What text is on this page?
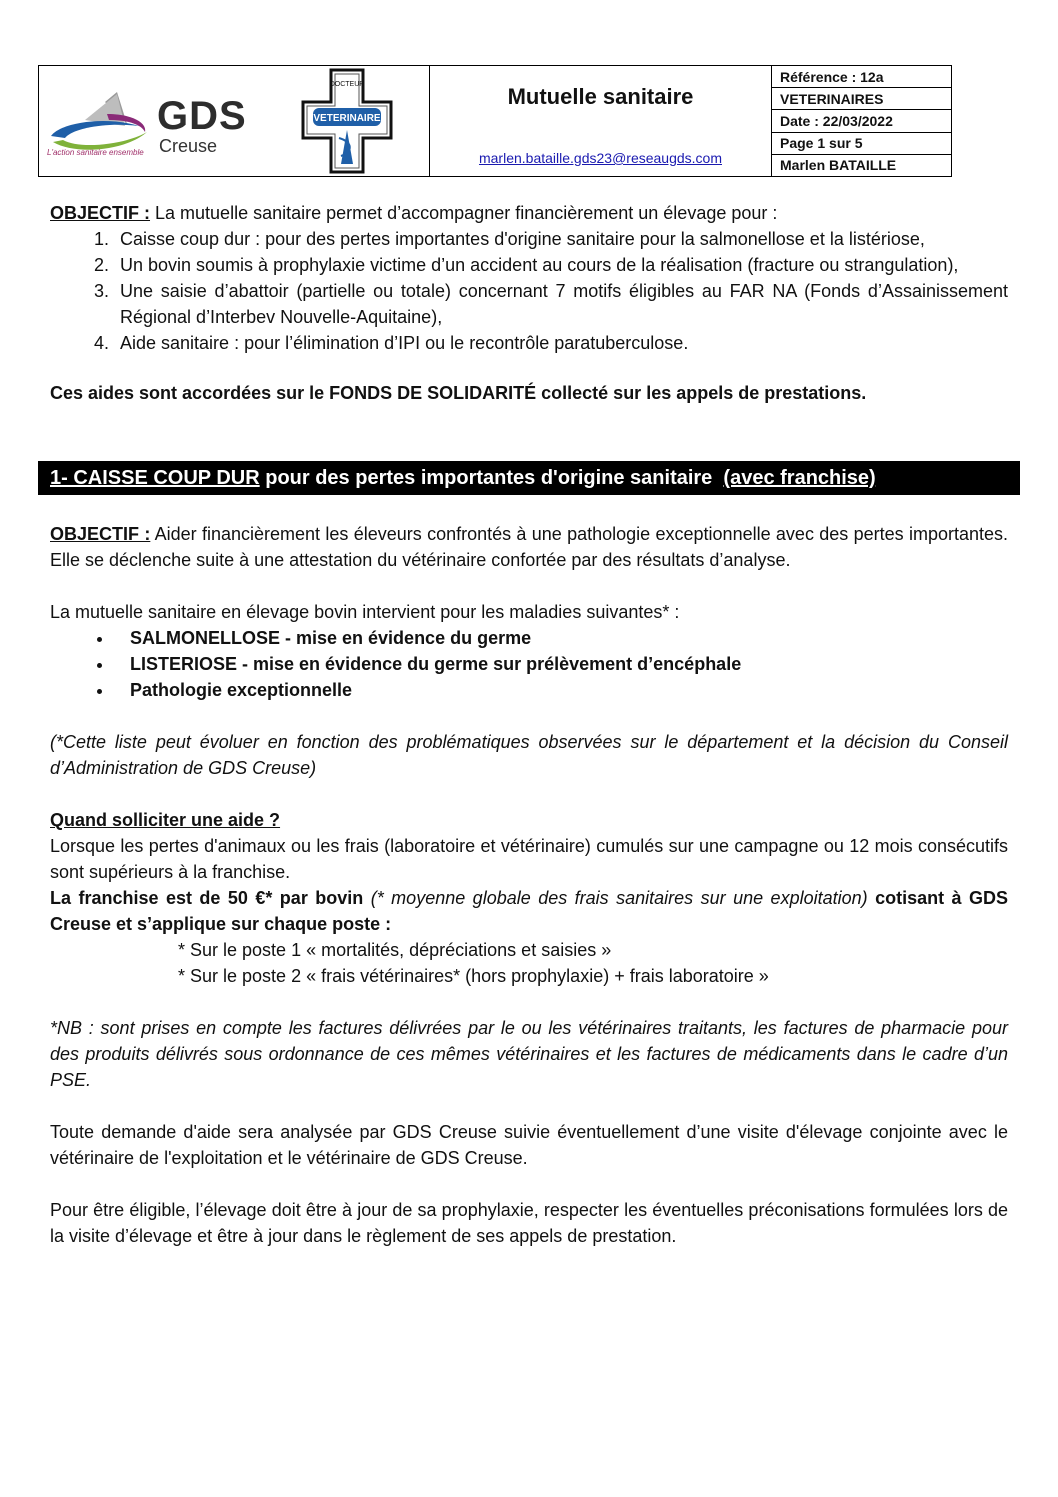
GDS
Creuse
L'action sanitaire ensemble
VETERINAIRE
DOCTEUR	Mutuelle sanitaire
marlen.bataille.gds23@reseaugds.com
Référence : 12a
VETERINAIRES
Date : 22/03/2022
Page 1 sur 5
Marlen BATAILLE

OBJECTIF : La mutuelle sanitaire permet d’accompagner financièrement un élevage pour :

1. Caisse coup dur : pour des pertes importantes d'origine sanitaire pour la salmonellose et la listériose,
2. Un bovin soumis à prophylaxie victime d’un accident au cours de la réalisation (fracture ou strangulation),
3. Une saisie d’abattoir (partielle ou totale) concernant 7 motifs éligibles au FAR NA (Fonds d’Assainissement Régional d’Interbev Nouvelle-Aquitaine),
4. Aide sanitaire : pour l’élimination d’IPI ou le recontrôle paratuberculose.

Ces aides sont accordées sur le FONDS DE SOLIDARITÉ collecté sur les appels de prestations.

1- CAISSE COUP DUR pour des pertes importantes d'origine sanitaire  (avec franchise)

OBJECTIF : Aider financièrement les éleveurs confrontés à une pathologie exceptionnelle avec des pertes importantes. Elle se déclenche suite à une attestation du vétérinaire confortée par des résultats d’analyse.

La mutuelle sanitaire en élevage bovin intervient pour les maladies suivantes* :

• SALMONELLOSE - mise en évidence du germe
• LISTERIOSE - mise en évidence du germe sur prélèvement d’encéphale
• Pathologie exceptionnelle

(*Cette liste peut évoluer en fonction des problématiques observées sur le département et la décision du Conseil d’Administration de GDS Creuse)

Quand solliciter une aide ?

Lorsque les pertes d'animaux ou les frais (laboratoire et vétérinaire) cumulés sur une campagne ou 12 mois consécutifs sont supérieurs à la franchise.

La franchise est de 50 €* par bovin (* moyenne globale des frais sanitaires sur une exploitation) cotisant à GDS Creuse et s’applique sur chaque poste :

* Sur le poste 1 « mortalités, dépréciations et saisies »

* Sur le poste 2 « frais vétérinaires* (hors prophylaxie) + frais laboratoire »

*NB : sont prises en compte les factures délivrées par le ou les vétérinaires traitants, les factures de pharmacie pour des produits délivrés sous ordonnance de ces mêmes vétérinaires et les factures de médicaments dans le cadre d’un PSE.

Toute demande d'aide sera analysée par GDS Creuse suivie éventuellement d’une visite d'élevage conjointe avec le vétérinaire de l'exploitation et le vétérinaire de GDS Creuse.

Pour être éligible, l’élevage doit être à jour de sa prophylaxie, respecter les éventuelles préconisations formulées lors de la visite d’élevage et être à jour dans le règlement de ses appels de prestation.
